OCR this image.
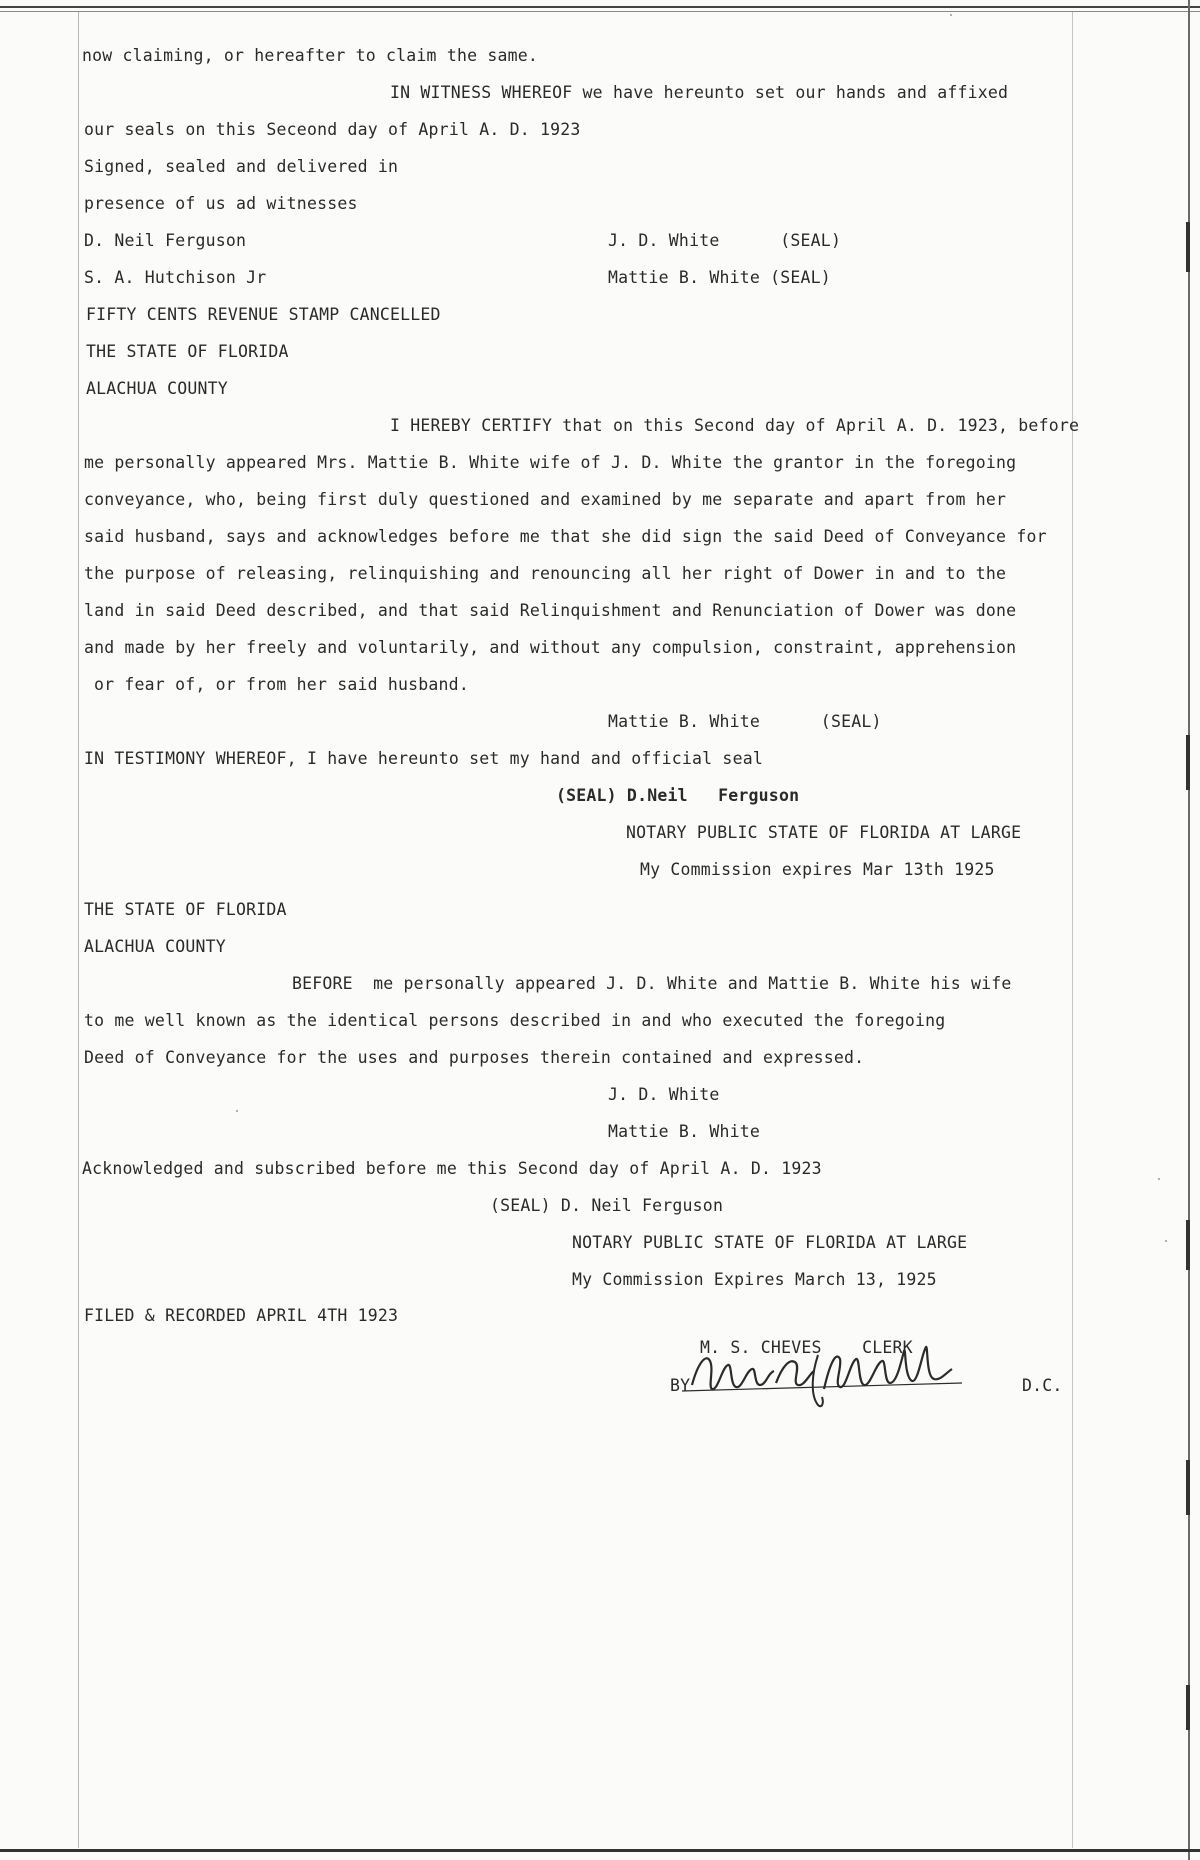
now claiming, or hereafter to claim the same.
IN WITNESS WHEREOF we have hereunto set our hands and affixed
our seals on this Seceond day of April A. D. 1923
Signed, sealed and delivered in
presence of us ad witnesses
D. Neil Ferguson	J. D. White      (SEAL)
S. A. Hutchison Jr	Mattie B. White (SEAL)
FIFTY CENTS REVENUE STAMP CANCELLED
THE STATE OF FLORIDA
ALACHUA COUNTY
I HEREBY CERTIFY that on this Second day of April A. D. 1923, before
me personally appeared Mrs. Mattie B. White wife of J. D. White the grantor in the foregoing
conveyance, who, being first duly questioned and examined by me separate and apart from her
said husband, says and acknowledges before me that she did sign the said Deed of Conveyance for
the purpose of releasing, relinquishing and renouncing all her right of Dower in and to the
land in said Deed described, and that said Relinquishment and Renunciation of Dower was done
and made by her freely and voluntarily, and without any compulsion, constraint, apprehension
or fear of, or from her said husband.
Mattie B. White      (SEAL)
IN TESTIMONY WHEREOF, I have hereunto set my hand and official seal
(SEAL) D.Neil   Ferguson
NOTARY PUBLIC STATE OF FLORIDA AT LARGE
My Commission expires Mar 13th 1925
THE STATE OF FLORIDA
ALACHUA COUNTY
BEFORE  me personally appeared J. D. White and Mattie B. White his wife
to me well known as the identical persons described in and who executed the foregoing
Deed of Conveyance for the uses and purposes therein contained and expressed.
J. D. White
Mattie B. White
Acknowledged and subscribed before me this Second day of April A. D. 1923
(SEAL) D. Neil Ferguson
NOTARY PUBLIC STATE OF FLORIDA AT LARGE
My Commission Expires March 13, 1925
FILED & RECORDED APRIL 4TH 1923
M. S. CHEVES    CLERK
BY	D.C.
